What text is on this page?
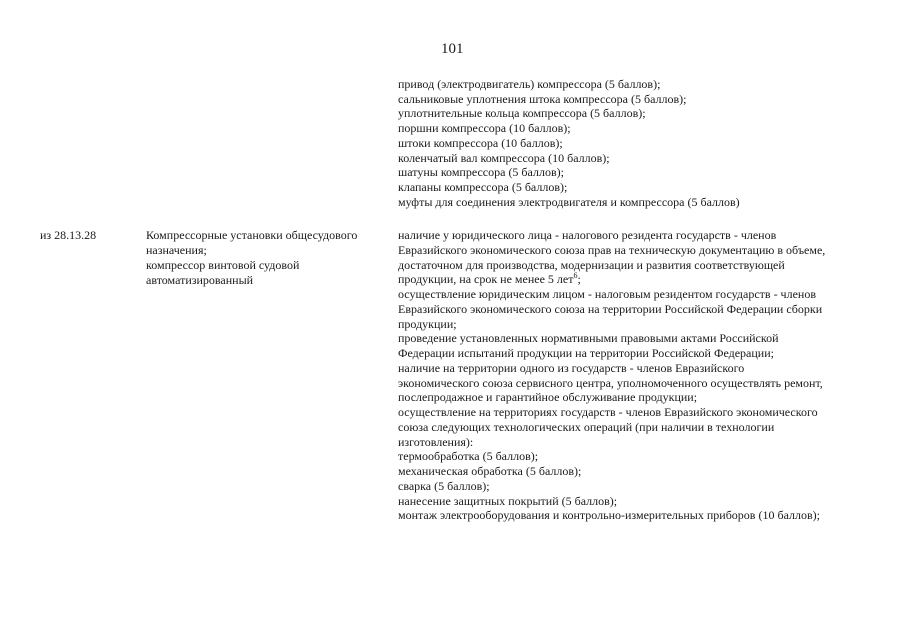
101
привод (электродвигатель) компрессора (5 баллов);
сальниковые уплотнения штока компрессора (5 баллов);
уплотнительные кольца компрессора (5 баллов);
поршни компрессора (10 баллов);
штоки компрессора (10 баллов);
коленчатый вал компрессора (10 баллов);
шатуны компрессора (5 баллов);
клапаны компрессора (5 баллов);
муфты для соединения электродвигателя и компрессора (5 баллов)
из 28.13.28	Компрессорные установки общесудового
назначения;
компрессор винтовой судовой
автоматизированный
наличие у юридического лица - налогового резидента государств - членов
Евразийского экономического союза прав на техническую документацию в объеме,
достаточном для производства, модернизации и развития соответствующей
продукции, на срок не менее 5 лет$^6$;
осуществление юридическим лицом - налоговым резидентом государств - членов
Евразийского экономического союза на территории Российской Федерации сборки
продукции;
проведение установленных нормативными правовыми актами Российской
Федерации испытаний продукции на территории Российской Федерации;
наличие на территории одного из государств - членов Евразийского
экономического союза сервисного центра, уполномоченного осуществлять ремонт,
послепродажное и гарантийное обслуживание продукции;
осуществление на территориях государств - членов Евразийского экономического
союза следующих технологических операций (при наличии в технологии
изготовления):
термообработка (5 баллов);
механическая обработка (5 баллов);
сварка (5 баллов);
нанесение защитных покрытий (5 баллов);
монтаж электрооборудования и контрольно-измерительных приборов (10 баллов);
